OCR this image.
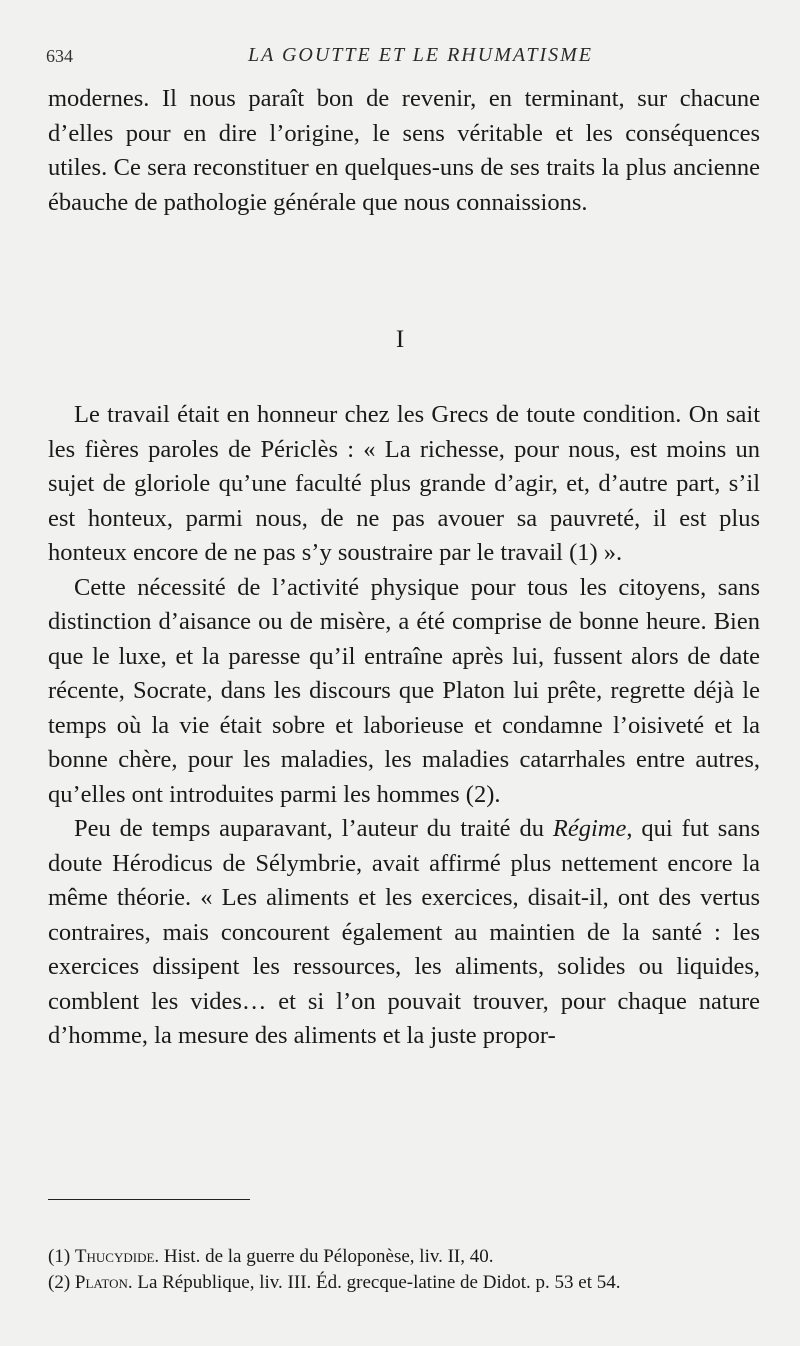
634	LA GOUTTE ET LE RHUMATISME

modernes. Il nous paraît bon de revenir, en terminant, sur chacune d’elles pour en dire l’origine, le sens véritable et les conséquences utiles. Ce sera reconstituer en quelques-uns de ses traits la plus ancienne ébauche de pathologie générale que nous connaissions.

I

Le travail était en honneur chez les Grecs de toute condition. On sait les fières paroles de Périclès : « La richesse, pour nous, est moins un sujet de gloriole qu’une faculté plus grande d’agir, et, d’autre part, s’il est honteux, parmi nous, de ne pas avouer sa pauvreté, il est plus honteux encore de ne pas s’y soustraire par le travail (1) ».

Cette nécessité de l’activité physique pour tous les citoyens, sans distinction d’aisance ou de misère, a été comprise de bonne heure. Bien que le luxe, et la paresse qu’il entraîne après lui, fussent alors de date récente, Socrate, dans les discours que Platon lui prête, regrette déjà le temps où la vie était sobre et laborieuse et condamne l’oisiveté et la bonne chère, pour les maladies, les maladies catarrhales entre autres, qu’elles ont introduites parmi les hommes (2).

Peu de temps auparavant, l’auteur du traité du Régime, qui fut sans doute Hérodicus de Sélymbrie, avait affirmé plus nettement encore la même théorie. « Les aliments et les exercices, disait-il, ont des vertus contraires, mais concourent également au maintien de la santé : les exercices dissipent les ressources, les aliments, solides ou liquides, comblent les vides… et si l’on pouvait trouver, pour chaque nature d’homme, la mesure des aliments et la juste propor-

(1) Thucydide. Hist. de la guerre du Péloponèse, liv. II, 40.

(2) Platon. La République, liv. III. Éd. grecque-latine de Didot. p. 53 et 54.
